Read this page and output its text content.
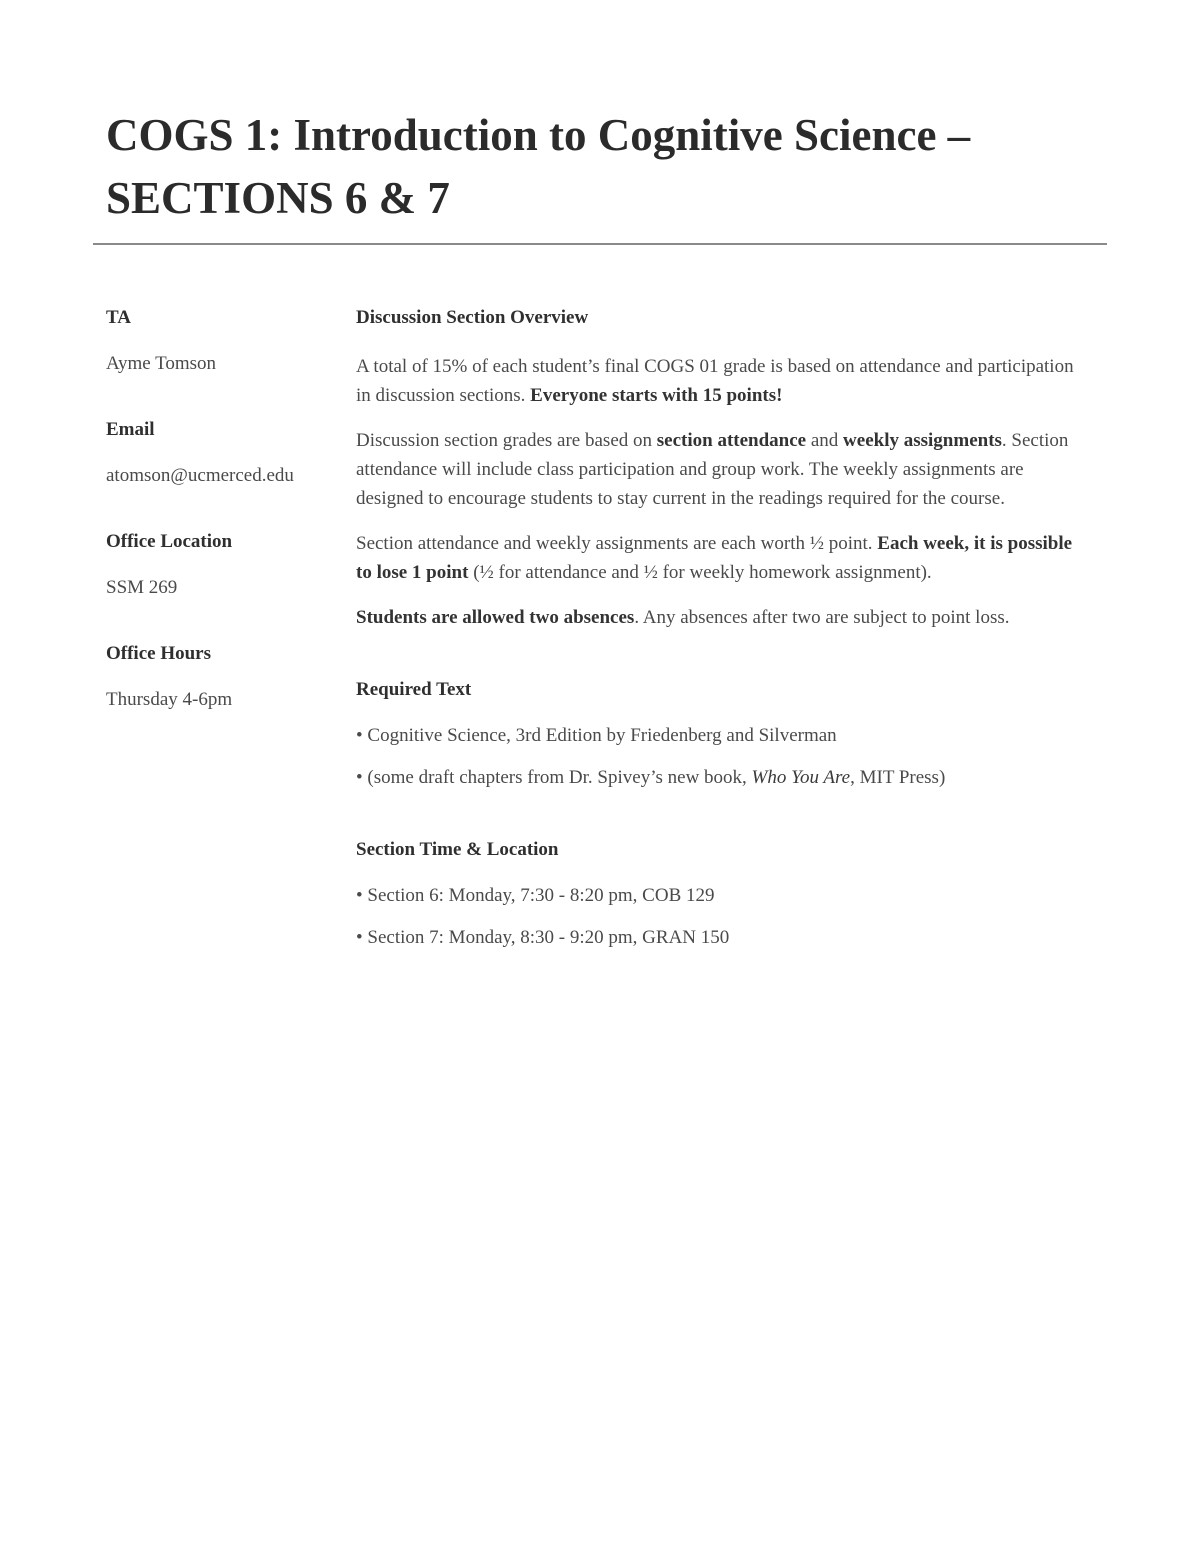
COGS 1: Introduction to Cognitive Science –
SECTIONS 6 & 7

TA

Ayme Tomson

Email

atomson@ucmerced.edu

Office Location

SSM 269

Office Hours

Thursday 4-6pm

Discussion Section Overview

A total of 15% of each student’s final COGS 01 grade is based on attendance and participation in discussion sections. Everyone starts with 15 points!

Discussion section grades are based on section attendance and weekly assignments. Section attendance will include class participation and group work. The weekly assignments are designed to encourage students to stay current in the readings required for the course.

Section attendance and weekly assignments are each worth ½ point. Each week, it is possible to lose 1 point (½ for attendance and ½ for weekly homework assignment).

Students are allowed two absences. Any absences after two are subject to point loss.

Required Text

• Cognitive Science, 3rd Edition by Friedenberg and Silverman

• (some draft chapters from Dr. Spivey’s new book, Who You Are, MIT Press)

Section Time & Location

• Section 6: Monday, 7:30 - 8:20 pm, COB 129

• Section 7: Monday, 8:30 - 9:20 pm, GRAN 150
